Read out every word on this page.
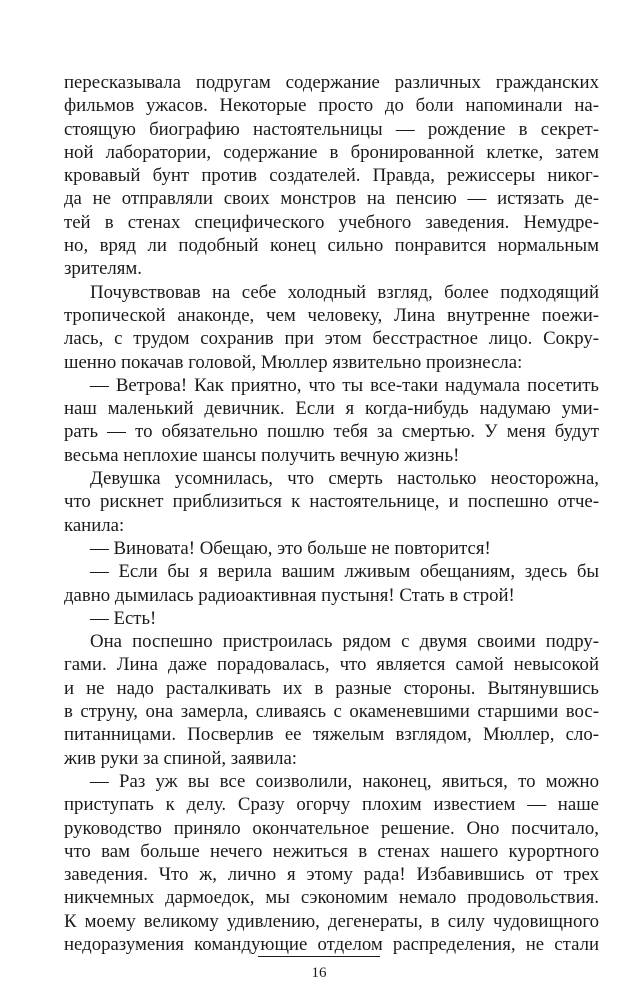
пересказывала подругам содержание различных гражданских
фильмов ужасов. Некоторые просто до боли напоминали на-
стоящую биографию настоятельницы — рождение в секрет-
ной лаборатории, содержание в бронированной клетке, затем
кровавый бунт против создателей. Правда, режиссеры никог-
да не отправляли своих монстров на пенсию — истязать де-
тей в стенах специфического учебного заведения. Немудре-
но, вряд ли подобный конец сильно понравится нормальным
зрителям.
Почувствовав на себе холодный взгляд, более подходящий
тропической анаконде, чем человеку, Лина внутренне поежи-
лась, с трудом сохранив при этом бесстрастное лицо. Сокру-
шенно покачав головой, Мюллер язвительно произнесла:
— Ветрова! Как приятно, что ты все-таки надумала посетить
наш маленький девичник. Если я когда-нибудь надумаю уми-
рать — то обязательно пошлю тебя за смертью. У меня будут
весьма неплохие шансы получить вечную жизнь!
Девушка усомнилась, что смерть настолько неосторожна,
что рискнет приблизиться к настоятельнице, и поспешно отче-
канила:
— Виновата! Обещаю, это больше не повторится!
— Если бы я верила вашим лживым обещаниям, здесь бы
давно дымилась радиоактивная пустыня! Стать в строй!
— Есть!
Она поспешно пристроилась рядом с двумя своими подру-
гами. Лина даже порадовалась, что является самой невысокой
и не надо расталкивать их в разные стороны. Вытянувшись
в струну, она замерла, сливаясь с окаменевшими старшими вос-
питанницами. Посверлив ее тяжелым взглядом, Мюллер, сло-
жив руки за спиной, заявила:
— Раз уж вы все соизволили, наконец, явиться, то можно
приступать к делу. Сразу огорчу плохим известием — наше
руководство приняло окончательное решение. Оно посчитало,
что вам больше нечего нежиться в стенах нашего курортного
заведения. Что ж, лично я этому рада! Избавившись от трех
никчемных дармоедок, мы сэкономим немало продовольствия.
К моему великому удивлению, дегенераты, в силу чудовищного
недоразумения командующие отделом распределения, не стали
16
